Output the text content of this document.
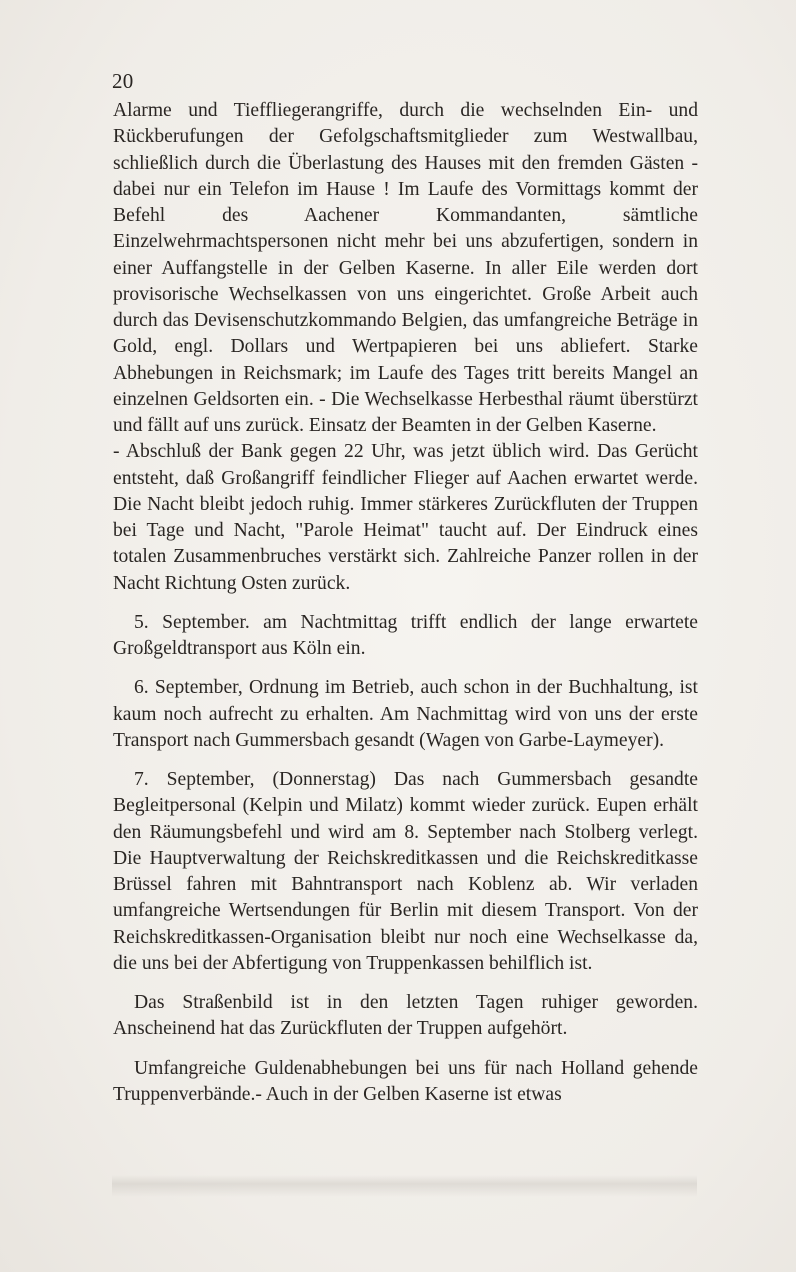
20

Alarme und Tieffliegerangriffe, durch die wechselnden Ein- und Rückberufungen der Gefolgschaftsmitglieder zum Westwallbau, schließlich durch die Überlastung des Hauses mit den fremden Gästen - dabei nur ein Telefon im Hause ! Im Laufe des Vormittags kommt der Befehl des Aachener Kommandanten, sämtliche Einzelwehrmachtspersonen nicht mehr bei uns abzufertigen, sondern in einer Auffangstelle in der Gelben Kaserne. In aller Eile werden dort provisorische Wechselkassen von uns eingerichtet. Große Arbeit auch durch das Devisenschutzkommando Belgien, das umfangreiche Beträge in Gold, engl. Dollars und Wertpapieren bei uns abliefert. Starke Abhebungen in Reichsmark; im Laufe des Tages tritt bereits Mangel an einzelnen Geldsorten ein. - Die Wechselkasse Herbesthal räumt überstürzt und fällt auf uns zurück. Einsatz der Beamten in der Gelben Kaserne.

- Abschluß der Bank gegen 22 Uhr, was jetzt üblich wird. Das Gerücht entsteht, daß Großangriff feindlicher Flieger auf Aachen erwartet werde. Die Nacht bleibt jedoch ruhig. Immer stärkeres Zurückfluten der Truppen bei Tage und Nacht, "Parole Heimat" taucht auf. Der Eindruck eines totalen Zusammenbruches verstärkt sich. Zahlreiche Panzer rollen in der Nacht Richtung Osten zurück.

5. September. am Nachtmittag trifft endlich der lange erwartete Großgeldtransport aus Köln ein.

6. September, Ordnung im Betrieb, auch schon in der Buchhaltung, ist kaum noch aufrecht zu erhalten. Am Nachmittag wird von uns der erste Transport nach Gummersbach gesandt (Wagen von Garbe-Laymeyer).

7. September, (Donnerstag) Das nach Gummersbach gesandte Begleitpersonal (Kelpin und Milatz) kommt wieder zurück. Eupen erhält den Räumungsbefehl und wird am 8. September nach Stolberg verlegt. Die Hauptverwaltung der Reichskreditkassen und die Reichskreditkasse Brüssel fahren mit Bahntransport nach Koblenz ab. Wir verladen umfangreiche Wertsendungen für Berlin mit diesem Transport. Von der Reichskreditkassen-Organisation bleibt nur noch eine Wechselkasse da, die uns bei der Abfertigung von Truppenkassen behilflich ist.

Das Straßenbild ist in den letzten Tagen ruhiger geworden. Anscheinend hat das Zurückfluten der Truppen aufgehört.

Umfangreiche Guldenabhebungen bei uns für nach Holland gehende Truppenverbände.- Auch in der Gelben Kaserne ist etwas
